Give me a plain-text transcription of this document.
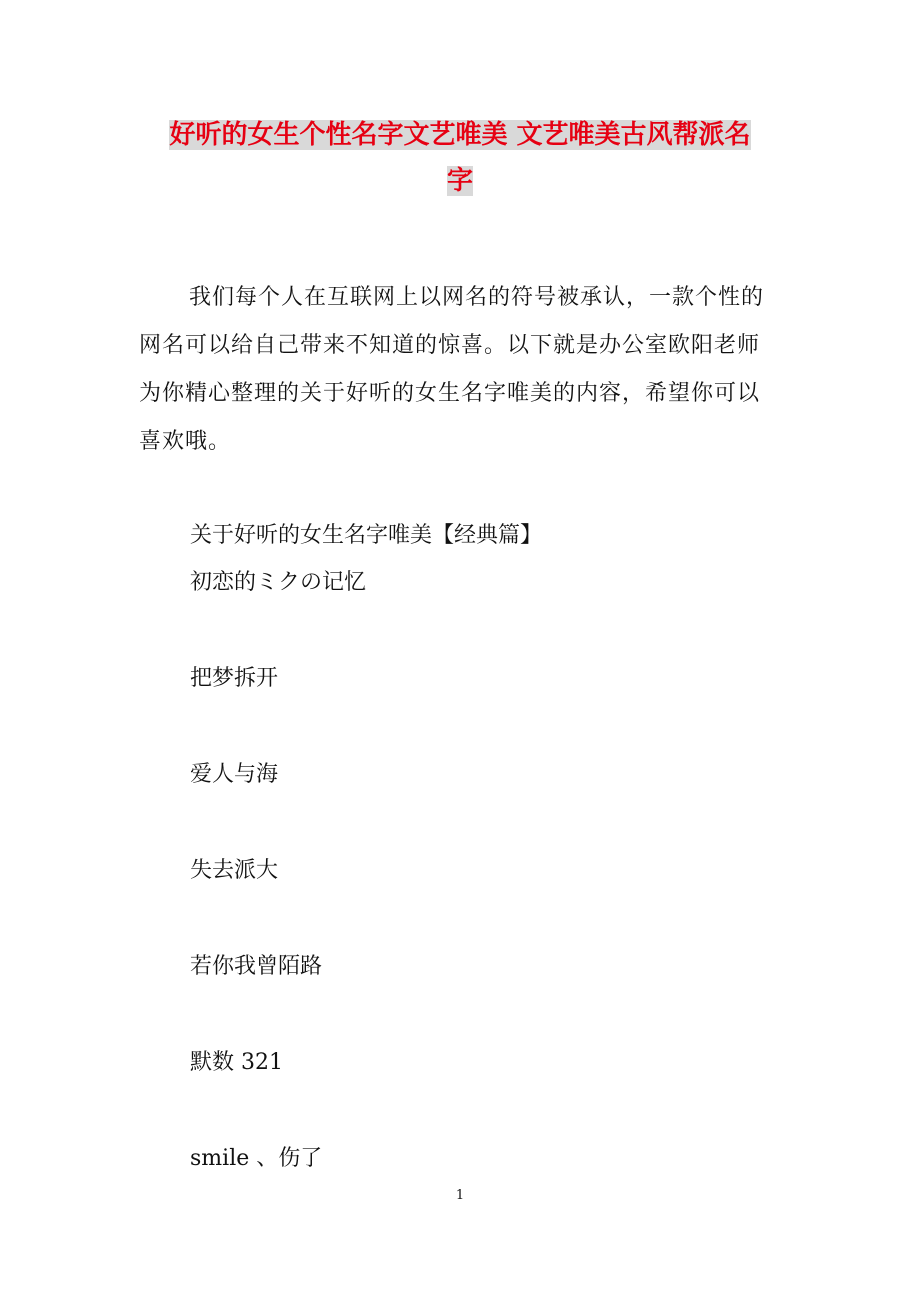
好听的女生个性名字文艺唯美 文艺唯美古风帮派名
字

我们每个人在互联网上以网名的符号被承认，一款个性的网名可以给自己带来不知道的惊喜。以下就是办公室欧阳老师为你精心整理的关于好听的女生名字唯美的内容，希望你可以喜欢哦。

关于好听的女生名字唯美【经典篇】

初恋的ミクの记忆
把梦拆开
爱人与海
失去派大
若你我曾陌路
默数 321
smile 、伤了
1
